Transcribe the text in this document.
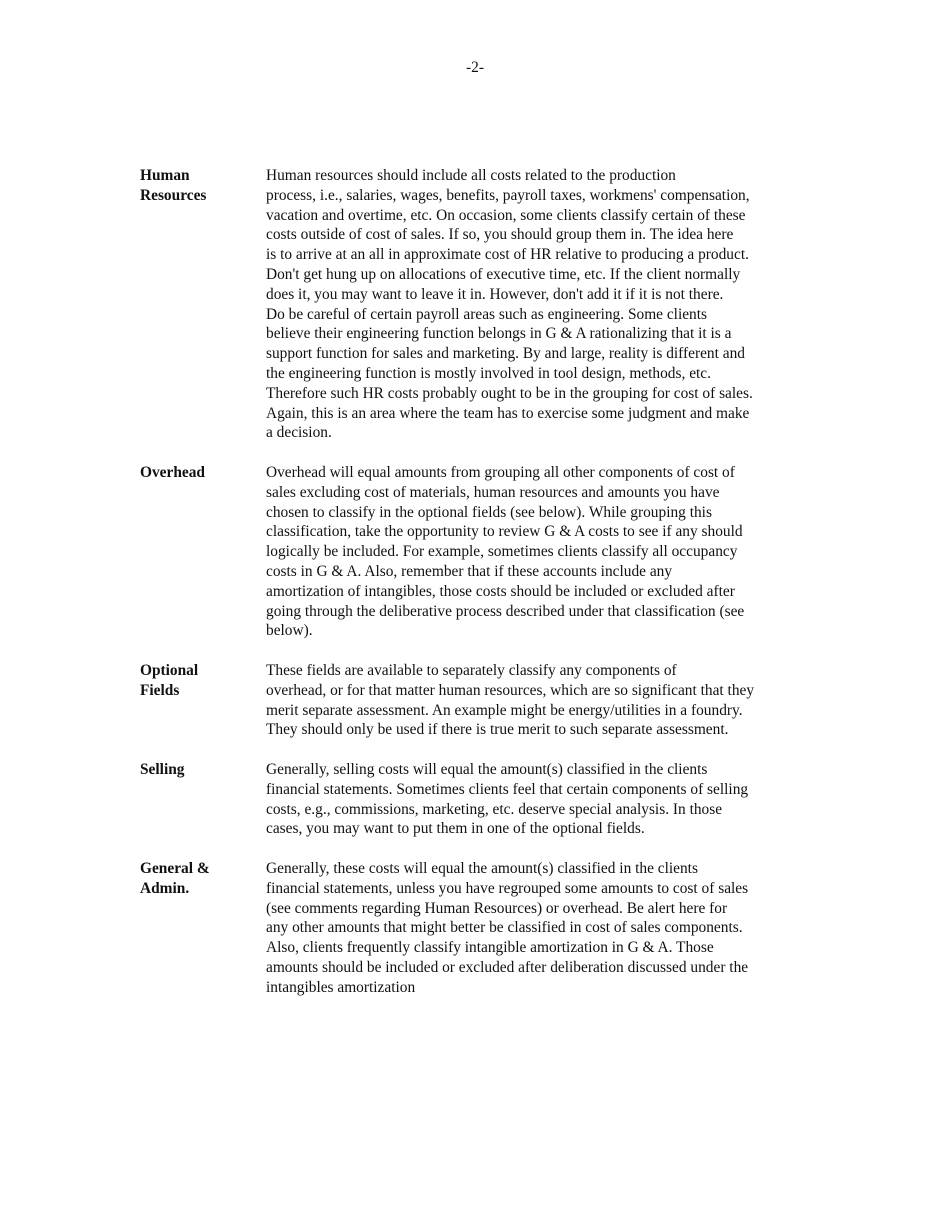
-2-
Human
Resources
Human resources should include all costs related to the production
process, i.e., salaries, wages, benefits, payroll taxes, workmens' compensation,
vacation and overtime, etc. On occasion, some clients classify certain of these
costs outside of cost of sales. If so, you should group them in. The idea here
is to arrive at an all in approximate cost of HR relative to producing a product.
Don't get hung up on allocations of executive time, etc. If the client normally
does it, you may want to leave it in. However, don't add it if it is not there.
Do be careful of certain payroll areas such as engineering. Some clients
believe their engineering function belongs in G & A rationalizing that it is a
support function for sales and marketing. By and large, reality is different and
the engineering function is mostly involved in tool design, methods, etc.
Therefore such HR costs probably ought to be in the grouping for cost of sales.
Again, this is an area where the team has to exercise some judgment and make
a decision.
Overhead	Overhead will equal amounts from grouping all other components of cost of
sales excluding cost of materials, human resources and amounts you have
chosen to classify in the optional fields (see below). While grouping this
classification, take the opportunity to review G & A costs to see if any should
logically be included. For example, sometimes clients classify all occupancy
costs in G & A. Also, remember that if these accounts include any
amortization of intangibles, those costs should be included or excluded after
going through the deliberative process described under that classification (see
below).
Optional
Fields
These fields are available to separately classify any components of
overhead, or for that matter human resources, which are so significant that they
merit separate assessment. An example might be energy/utilities in a foundry.
They should only be used if there is true merit to such separate assessment.
Selling	Generally, selling costs will equal the amount(s) classified in the clients
financial statements. Sometimes clients feel that certain components of selling
costs, e.g., commissions, marketing, etc. deserve special analysis. In those
cases, you may want to put them in one of the optional fields.
General &
Admin.
Generally, these costs will equal the amount(s) classified in the clients
financial statements, unless you have regrouped some amounts to cost of sales
(see comments regarding Human Resources) or overhead. Be alert here for
any other amounts that might better be classified in cost of sales components.
Also, clients frequently classify intangible amortization in G & A. Those
amounts should be included or excluded after deliberation discussed under the
intangibles amortization
